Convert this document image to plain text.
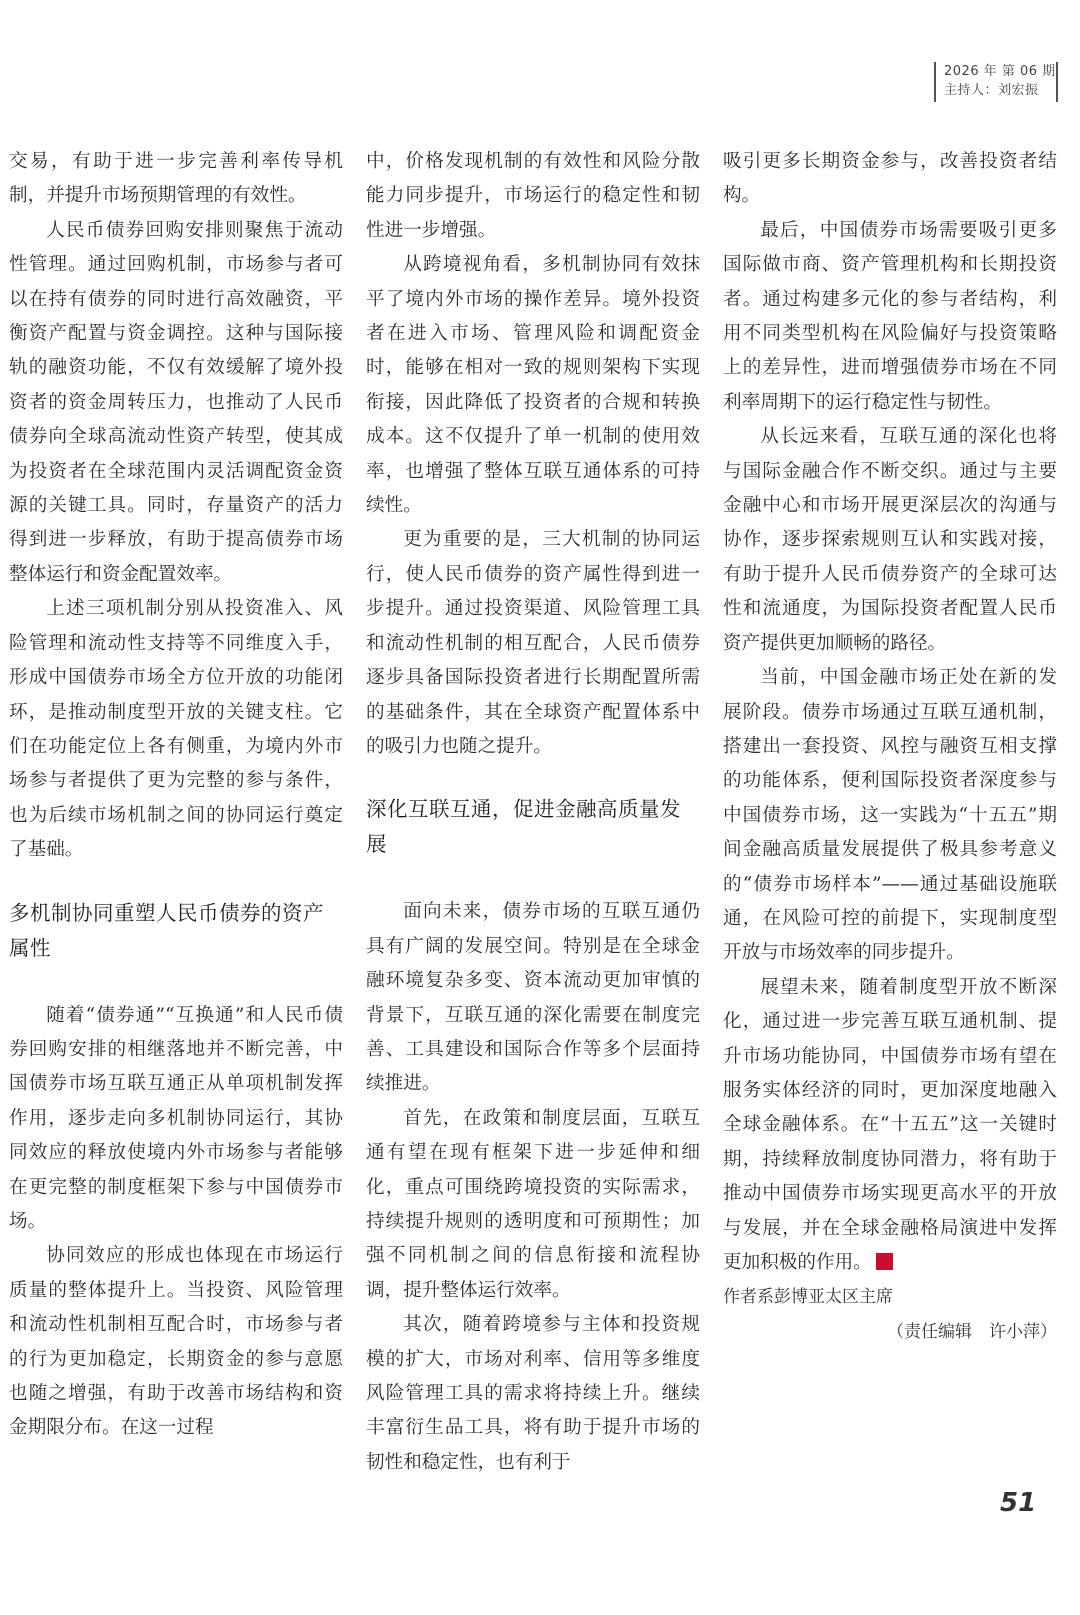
2026 年 第 06 期
主持人：刘宏振

交易，有助于进一步完善利率传导机制，并提升市场预期管理的有效性。

人民币债券回购安排则聚焦于流动性管理。通过回购机制，市场参与者可以在持有债券的同时进行高效融资，平衡资产配置与资金调控。这种与国际接轨的融资功能，不仅有效缓解了境外投资者的资金周转压力，也推动了人民币债券向全球高流动性资产转型，使其成为投资者在全球范围内灵活调配资金资源的关键工具。同时，存量资产的活力得到进一步释放，有助于提高债券市场整体运行和资金配置效率。

上述三项机制分别从投资准入、风险管理和流动性支持等不同维度入手，形成中国债券市场全方位开放的功能闭环，是推动制度型开放的关键支柱。它们在功能定位上各有侧重，为境内外市场参与者提供了更为完整的参与条件，也为后续市场机制之间的协同运行奠定了基础。

多机制协同重塑人民币债券的资产属性

随着“债券通”“互换通”和人民币债券回购安排的相继落地并不断完善，中国债券市场互联互通正从单项机制发挥作用，逐步走向多机制协同运行，其协同效应的释放使境内外市场参与者能够在更完整的制度框架下参与中国债券市场。

协同效应的形成也体现在市场运行质量的整体提升上。当投资、风险管理和流动性机制相互配合时，市场参与者的行为更加稳定，长期资金的参与意愿也随之增强，有助于改善市场结构和资金期限分布。在这一过程

中，价格发现机制的有效性和风险分散能力同步提升，市场运行的稳定性和韧性进一步增强。

从跨境视角看，多机制协同有效抹平了境内外市场的操作差异。境外投资者在进入市场、管理风险和调配资金时，能够在相对一致的规则架构下实现衔接，因此降低了投资者的合规和转换成本。这不仅提升了单一机制的使用效率，也增强了整体互联互通体系的可持续性。

更为重要的是，三大机制的协同运行，使人民币债券的资产属性得到进一步提升。通过投资渠道、风险管理工具和流动性机制的相互配合，人民币债券逐步具备国际投资者进行长期配置所需的基础条件，其在全球资产配置体系中的吸引力也随之提升。

深化互联互通，促进金融高质量发展

面向未来，债券市场的互联互通仍具有广阔的发展空间。特别是在全球金融环境复杂多变、资本流动更加审慎的背景下，互联互通的深化需要在制度完善、工具建设和国际合作等多个层面持续推进。

首先，在政策和制度层面，互联互通有望在现有框架下进一步延伸和细化，重点可围绕跨境投资的实际需求，持续提升规则的透明度和可预期性；加强不同机制之间的信息衔接和流程协调，提升整体运行效率。

其次，随着跨境参与主体和投资规模的扩大，市场对利率、信用等多维度风险管理工具的需求将持续上升。继续丰富衍生品工具，将有助于提升市场的韧性和稳定性，也有利于

吸引更多长期资金参与，改善投资者结构。

最后，中国债券市场需要吸引更多国际做市商、资产管理机构和长期投资者。通过构建多元化的参与者结构，利用不同类型机构在风险偏好与投资策略上的差异性，进而增强债券市场在不同利率周期下的运行稳定性与韧性。

从长远来看，互联互通的深化也将与国际金融合作不断交织。通过与主要金融中心和市场开展更深层次的沟通与协作，逐步探索规则互认和实践对接，有助于提升人民币债券资产的全球可达性和流通度，为国际投资者配置人民币资产提供更加顺畅的路径。

当前，中国金融市场正处在新的发展阶段。债券市场通过互联互通机制，搭建出一套投资、风控与融资互相支撑的功能体系，便利国际投资者深度参与中国债券市场，这一实践为“十五五”期间金融高质量发展提供了极具参考意义的“债券市场样本”——通过基础设施联通，在风险可控的前提下，实现制度型开放与市场效率的同步提升。

展望未来，随着制度型开放不断深化，通过进一步完善互联互通机制、提升市场功能协同，中国债券市场有望在服务实体经济的同时，更加深度地融入全球金融体系。在“十五五”这一关键时期，持续释放制度协同潜力，将有助于推动中国债券市场实现更高水平的开放与发展，并在全球金融格局演进中发挥更加积极的作用。

作者系彭博亚太区主席

（责任编辑　许小萍）

51
